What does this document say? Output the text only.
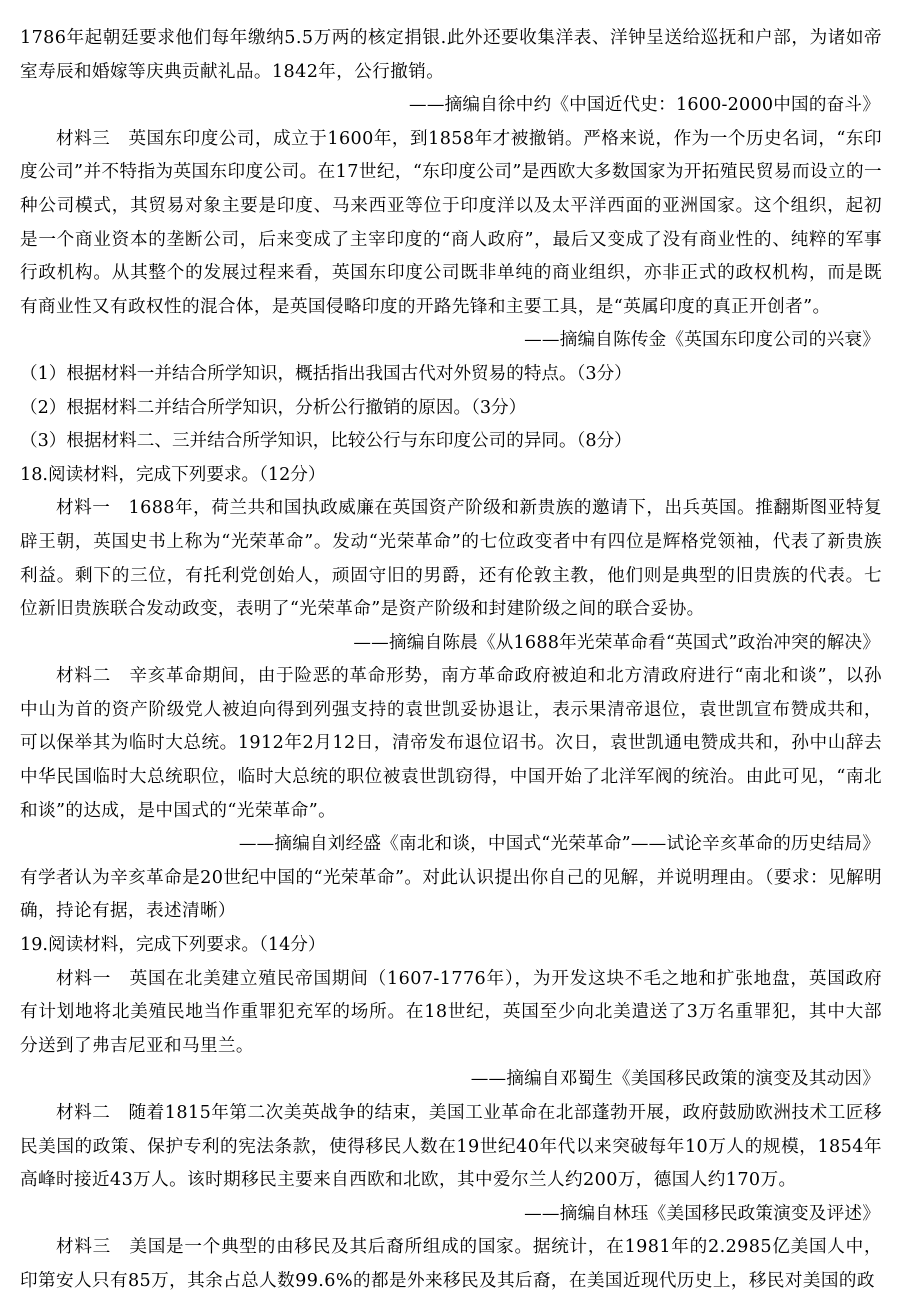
1786年起朝廷要求他们每年缴纳5.5万两的核定捐银.此外还要收集洋表、洋钟呈送给巡抚和户部，为诸如帝室寿辰和婚嫁等庆典贡献礼品。1842年，公行撤销。

——摘编自徐中约《中国近代史：1600-2000中国的奋斗》

材料三　英国东印度公司，成立于1600年，到1858年才被撤销。严格来说，作为一个历史名词，“东印度公司”并不特指为英国东印度公司。在17世纪，“东印度公司”是西欧大多数国家为开拓殖民贸易而设立的一种公司模式，其贸易对象主要是印度、马来西亚等位于印度洋以及太平洋西面的亚洲国家。这个组织，起初是一个商业资本的垄断公司，后来变成了主宰印度的“商人政府”，最后又变成了没有商业性的、纯粹的军事行政机构。从其整个的发展过程来看，英国东印度公司既非单纯的商业组织，亦非正式的政权机构，而是既有商业性又有政权性的混合体，是英国侵略印度的开路先锋和主要工具，是“英属印度的真正开创者”。

——摘编自陈传金《英国东印度公司的兴衰》

（1）根据材料一并结合所学知识，概括指出我国古代对外贸易的特点。（3分）

（2）根据材料二并结合所学知识，分析公行撤销的原因。（3分）

（3）根据材料二、三并结合所学知识，比较公行与东印度公司的异同。（8分）

18.阅读材料，完成下列要求。（12分）

材料一　1688年，荷兰共和国执政威廉在英国资产阶级和新贵族的邀请下，出兵英国。推翻斯图亚特复辟王朝，英国史书上称为“光荣革命”。发动“光荣革命”的七位政变者中有四位是辉格党领袖，代表了新贵族利益。剩下的三位，有托利党创始人，顽固守旧的男爵，还有伦敦主教，他们则是典型的旧贵族的代表。七位新旧贵族联合发动政变，表明了“光荣革命”是资产阶级和封建阶级之间的联合妥协。

——摘编自陈晨《从1688年光荣革命看“英国式”政治冲突的解决》

材料二　辛亥革命期间，由于险恶的革命形势，南方革命政府被迫和北方清政府进行“南北和谈”，以孙中山为首的资产阶级党人被迫向得到列强支持的袁世凯妥协退让，表示果清帝退位，袁世凯宣布赞成共和，可以保举其为临时大总统。1912年2月12日，清帝发布退位诏书。次日，袁世凯通电赞成共和，孙中山辞去中华民国临时大总统职位，临时大总统的职位被袁世凯窃得，中国开始了北洋军阀的统治。由此可见，“南北和谈”的达成，是中国式的“光荣革命”。

——摘编自刘经盛《南北和谈，中国式“光荣革命”——试论辛亥革命的历史结局》

有学者认为辛亥革命是20世纪中国的“光荣革命”。对此认识提出你自己的见解，并说明理由。（要求：见解明确，持论有据，表述清晰）

19.阅读材料，完成下列要求。（14分）

材料一　英国在北美建立殖民帝国期间（1607-1776年），为开发这块不毛之地和扩张地盘，英国政府有计划地将北美殖民地当作重罪犯充军的场所。在18世纪，英国至少向北美遣送了3万名重罪犯，其中大部分送到了弗吉尼亚和马里兰。

——摘编自邓蜀生《美国移民政策的演变及其动因》

材料二　随着1815年第二次美英战争的结束，美国工业革命在北部蓬勃开展，政府鼓励欧洲技术工匠移民美国的政策、保护专利的宪法条款，使得移民人数在19世纪40年代以来突破每年10万人的规模，1854年高峰时接近43万人。该时期移民主要来自西欧和北欧，其中爱尔兰人约200万，德国人约170万。

——摘编自林珏《美国移民政策演变及评述》

材料三　美国是一个典型的由移民及其后裔所组成的国家。据统计，在1981年的2.2985亿美国人中，印第安人只有85万，其余占总人数99.6%的都是外来移民及其后裔，在美国近现代历史上，移民对美国的政
